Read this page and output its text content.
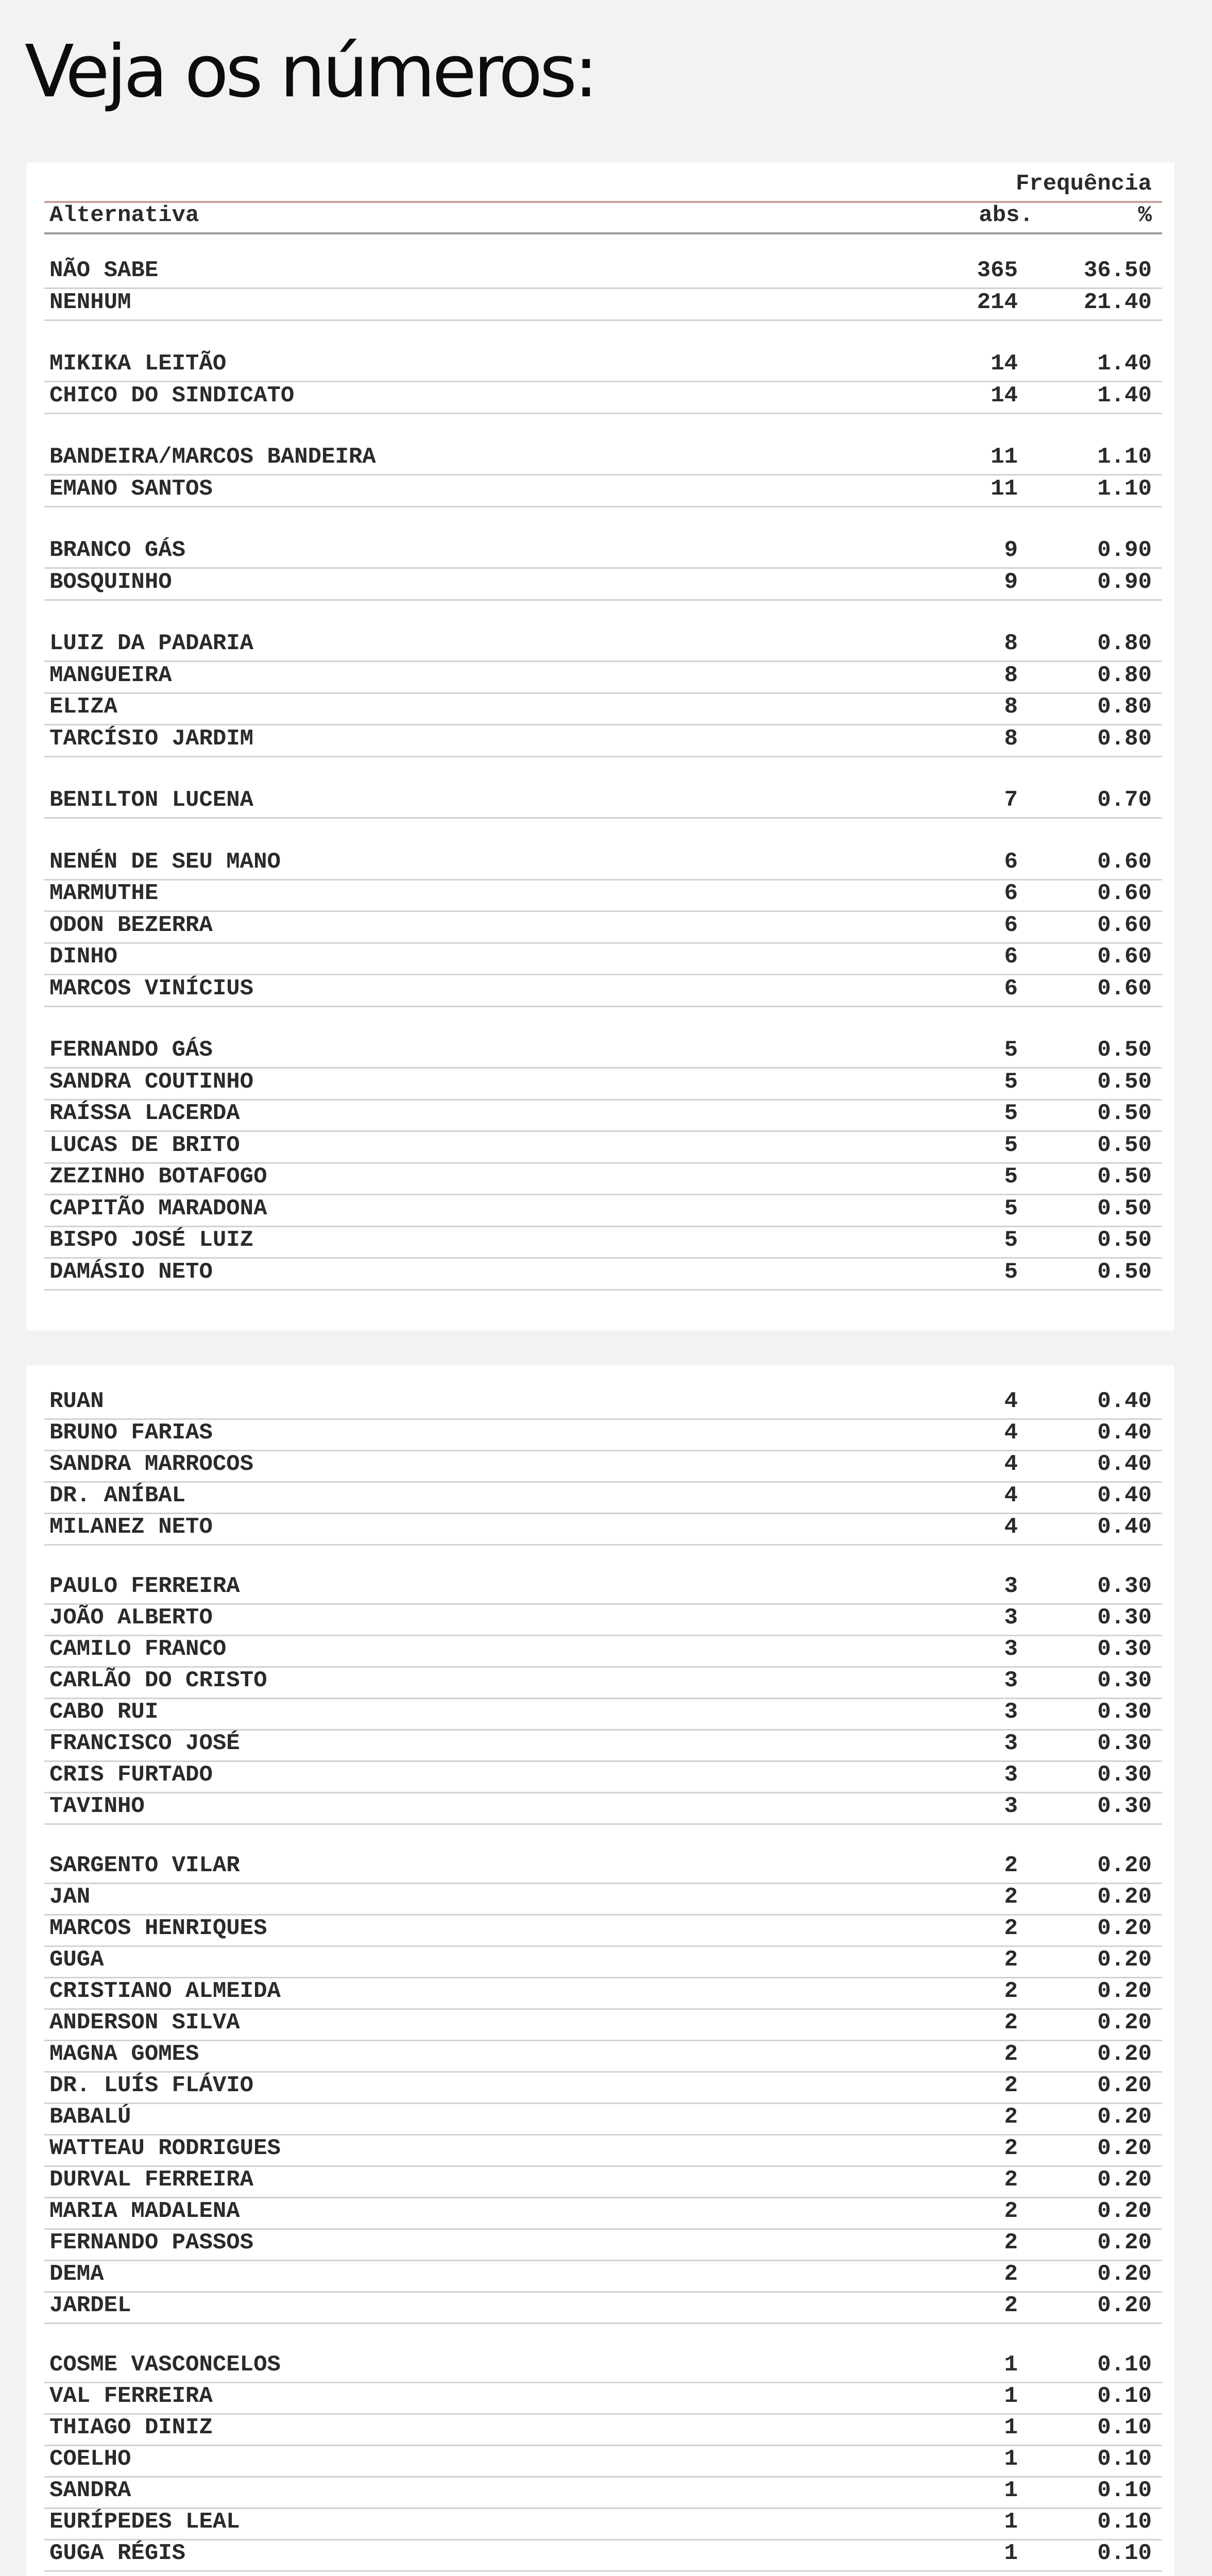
Veja os números:
Frequência
Alternativa	abs.	%
NÃO SABE	365	36.50
NENHUM	214	21.40
MIKIKA LEITÃO	14	1.40
CHICO DO SINDICATO	14	1.40
BANDEIRA/MARCOS BANDEIRA	11	1.10
EMANO SANTOS	11	1.10
BRANCO GÁS	9	0.90
BOSQUINHO	9	0.90
LUIZ DA PADARIA	8	0.80
MANGUEIRA	8	0.80
ELIZA	8	0.80
TARCÍSIO JARDIM	8	0.80
BENILTON LUCENA	7	0.70
NENÉN DE SEU MANO	6	0.60
MARMUTHE	6	0.60
ODON BEZERRA	6	0.60
DINHO	6	0.60
MARCOS VINÍCIUS	6	0.60
FERNANDO GÁS	5	0.50
SANDRA COUTINHO	5	0.50
RAÍSSA LACERDA	5	0.50
LUCAS DE BRITO	5	0.50
ZEZINHO BOTAFOGO	5	0.50
CAPITÃO MARADONA	5	0.50
BISPO JOSÉ LUIZ	5	0.50
DAMÁSIO NETO	5	0.50
RUAN	4	0.40
BRUNO FARIAS	4	0.40
SANDRA MARROCOS	4	0.40
DR. ANÍBAL	4	0.40
MILANEZ NETO	4	0.40
PAULO FERREIRA	3	0.30
JOÃO ALBERTO	3	0.30
CAMILO FRANCO	3	0.30
CARLÃO DO CRISTO	3	0.30
CABO RUI	3	0.30
FRANCISCO JOSÉ	3	0.30
CRIS FURTADO	3	0.30
TAVINHO	3	0.30
SARGENTO VILAR	2	0.20
JAN	2	0.20
MARCOS HENRIQUES	2	0.20
GUGA	2	0.20
CRISTIANO ALMEIDA	2	0.20
ANDERSON SILVA	2	0.20
MAGNA GOMES	2	0.20
DR. LUÍS FLÁVIO	2	0.20
BABALÚ	2	0.20
WATTEAU RODRIGUES	2	0.20
DURVAL FERREIRA	2	0.20
MARIA MADALENA	2	0.20
FERNANDO PASSOS	2	0.20
DEMA	2	0.20
JARDEL	2	0.20
COSME VASCONCELOS	1	0.10
VAL FERREIRA	1	0.10
THIAGO DINIZ	1	0.10
COELHO	1	0.10
SANDRA	1	0.10
EURÍPEDES LEAL	1	0.10
GUGA RÉGIS	1	0.10
